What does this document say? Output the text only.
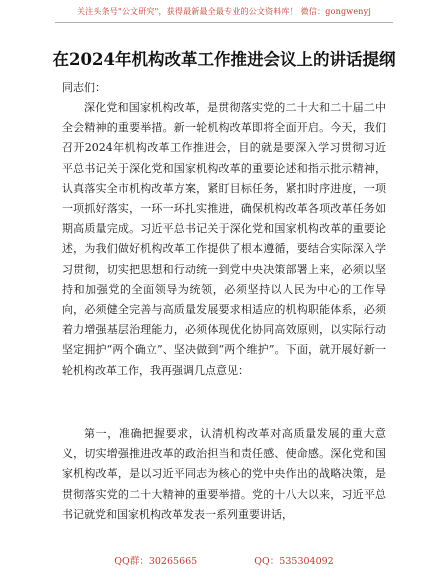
关注头条号"公文研究"，获得最新最全最专业的公文资料库！ 微信：gongwenyj
在2024年机构改革工作推进会议上的讲话提纲
同志们：
深化党和国家机构改革，是贯彻落实党的二十大和二十届二中全会精神的重要举措。新一轮机构改革即将全面开启。今天，我们召开2024年机构改革工作推进会，目的就是要深入学习贯彻习近平总书记关于深化党和国家机构改革的重要论述和指示批示精神，认真落实全市机构改革方案，紧盯目标任务，紧扣时序进度，一项一项抓好落实，一环一环扎实推进，确保机构改革各项改革任务如期高质量完成。习近平总书记关于深化党和国家机构改革的重要论述，为我们做好机构改革工作提供了根本遵循，要结合实际深入学习贯彻，切实把思想和行动统一到党中央决策部署上来，必须以坚持和加强党的全面领导为统领，必须坚持以人民为中心的工作导向，必须健全完善与高质量发展要求相适应的机构职能体系，必须着力增强基层治理能力，必须体现优化协同高效原则，以实际行动坚定拥护“两个确立”、坚决做到“两个维护”。下面，就开展好新一轮机构改革工作，我再强调几点意见：
第一，准确把握要求，认清机构改革对高质量发展的重大意义，切实增强推进改革的政治担当和责任感、使命感。深化党和国家机构改革，是以习近平同志为核心的党中央作出的战略决策，是贯彻落实党的二十大精神的重要举措。党的十八大以来，习近平总书记就党和国家机构改革发表一系列重要讲话，
QQ群：30265665	QQ：535304092
